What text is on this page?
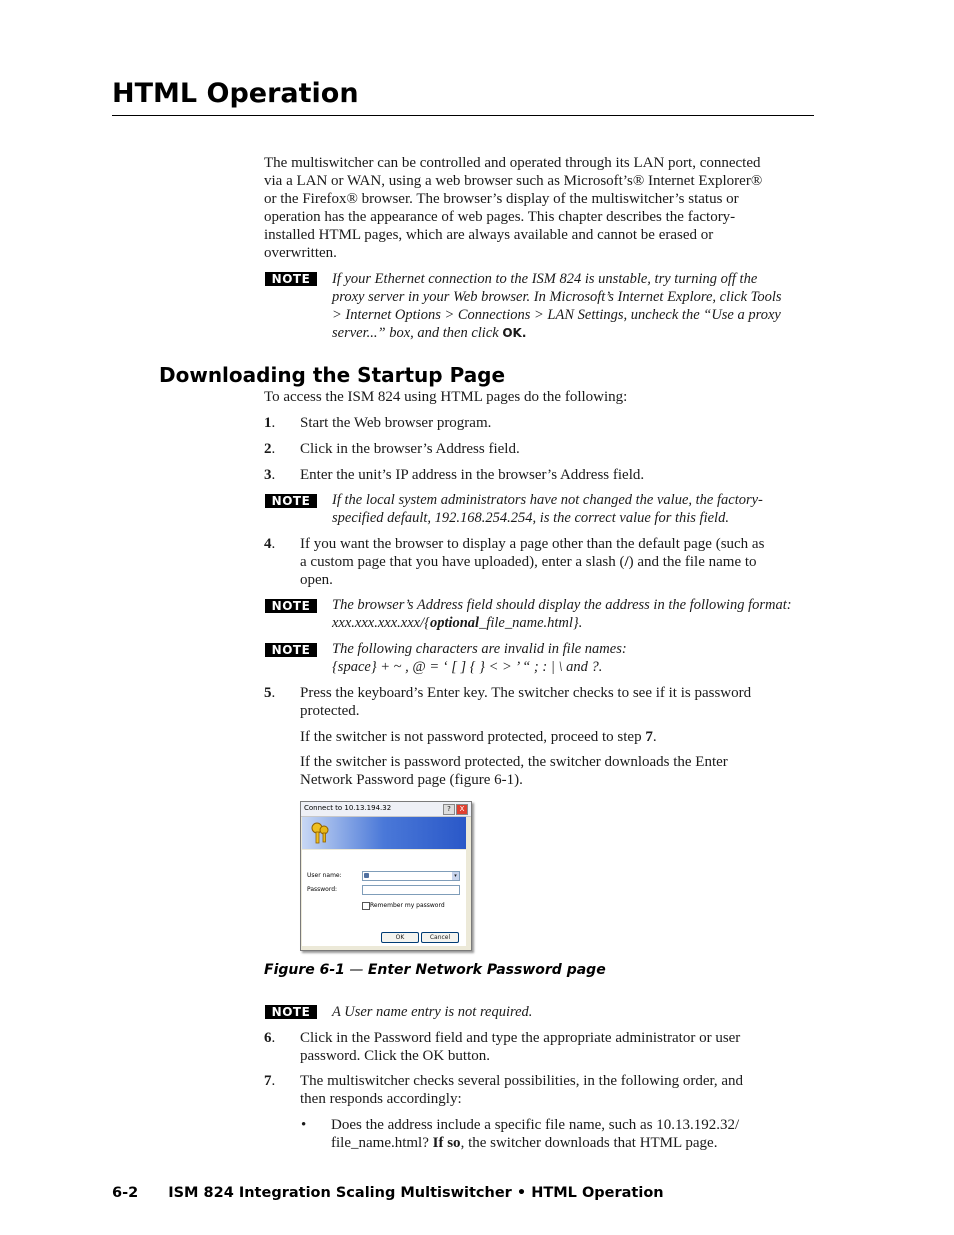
HTML Operation
The multiswitcher can be controlled and operated through its LAN port, connected
via a LAN or WAN, using a web browser such as Microsoft’s® Internet Explorer®
or the Firefox® browser. The browser’s display of the multiswitcher’s status or
operation has the appearance of web pages. This chapter describes the factory-
installed HTML pages, which are always available and cannot be erased or
overwritten.
NOTE	If your Ethernet connection to the ISM 824 is unstable, try turning off the
proxy server in your Web browser. In Microsoft’s Internet Explore, click Tools
> Internet Options > Connections > LAN Settings, uncheck the “Use a proxy
server...” box, and then click OK.
Downloading the Startup Page
To access the ISM 824 using HTML pages do the following:
1. Start the Web browser program.
2. Click in the browser’s Address field.
3. Enter the unit’s IP address in the browser’s Address field.
NOTE	If the local system administrators have not changed the value, the factory-
specified default, 192.168.254.254, is the correct value for this field.
4. If you want the browser to display a page other than the default page (such as
a custom page that you have uploaded), enter a slash (/) and the file name to
open.
NOTE	The browser’s Address field should display the address in the following format:
xxx.xxx.xxx.xxx/{optional_file_name.html}.
NOTE	The following characters are invalid in file names:
{space} + ~ , @ = ‘ [ ] { } < > ’ “ ; : | \ and ?.
5. Press the keyboard’s Enter key. The switcher checks to see if it is password
protected.
If the switcher is not password protected, proceed to step 7.
If the switcher is password protected, the switcher downloads the Enter
Network Password page (figure 6-1).
Connect to 10.13.194.32	?	X
User name:	▾
Password:
Remember my password
OK	Cancel
Figure 6-1 — Enter Network Password page
NOTE	A User name entry is not required.
6. Click in the Password field and type the appropriate administrator or user
password. Click the OK button.
7. The multiswitcher checks several possibilities, in the following order, and
then responds accordingly:
• Does the address include a specific file name, such as 10.13.192.32/
file_name.html? If so, the switcher downloads that HTML page.
6-2 ISM 824 Integration Scaling Multiswitcher • HTML Operation
